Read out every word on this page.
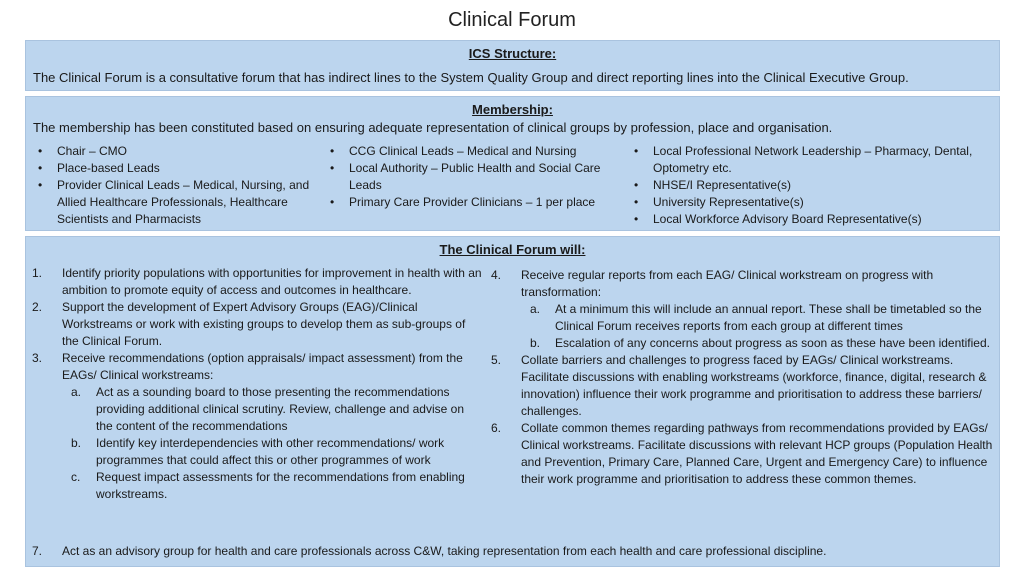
Clinical Forum
ICS Structure:
The Clinical Forum is a consultative forum that has indirect lines to the System Quality Group and direct reporting lines into the Clinical Executive Group.
Membership:
The membership has been constituted based on ensuring adequate representation of clinical groups by profession, place and organisation.
• Chair – CMO
• Place-based Leads
• Provider Clinical Leads – Medical, Nursing, and Allied Healthcare Professionals, Healthcare Scientists and Pharmacists
• CCG Clinical Leads – Medical and Nursing
• Local Authority – Public Health and Social Care Leads
• Primary Care Provider Clinicians – 1 per place
• Local Professional Network Leadership – Pharmacy, Dental, Optometry etc.
• NHSE/I Representative(s)
• University Representative(s)
• Local Workforce Advisory Board Representative(s)
The Clinical Forum will:
1. Identify priority populations with opportunities for improvement in health with an ambition to promote equity of access and outcomes in healthcare.
2. Support the development of Expert Advisory Groups (EAG)/Clinical Workstreams or work with existing groups to develop them as sub-groups of the Clinical Forum.
3. Receive recommendations (option appraisals/ impact assessment) from the EAGs/ Clinical workstreams:
a. Act as a sounding board to those presenting the recommendations providing additional clinical scrutiny. Review, challenge and advise on the content of the recommendations
b. Identify key interdependencies with other recommendations/ work programmes that could affect this or other programmes of work
c. Request impact assessments for the recommendations from enabling workstreams.
4. Receive regular reports from each EAG/ Clinical workstream on progress with transformation:
a. At a minimum this will include an annual report. These shall be timetabled so the Clinical Forum receives reports from each group at different times
b. Escalation of any concerns about progress as soon as these have been identified.
5. Collate barriers and challenges to progress faced by EAGs/ Clinical workstreams. Facilitate discussions with enabling workstreams (workforce, finance, digital, research & innovation) influence their work programme and prioritisation to address these barriers/ challenges.
6. Collate common themes regarding pathways from recommendations provided by EAGs/ Clinical workstreams. Facilitate discussions with relevant HCP groups (Population Health and Prevention, Primary Care, Planned Care, Urgent and Emergency Care) to influence their work programme and prioritisation to address these common themes.
7. Act as an advisory group for health and care professionals across C&W, taking representation from each health and care professional discipline.
